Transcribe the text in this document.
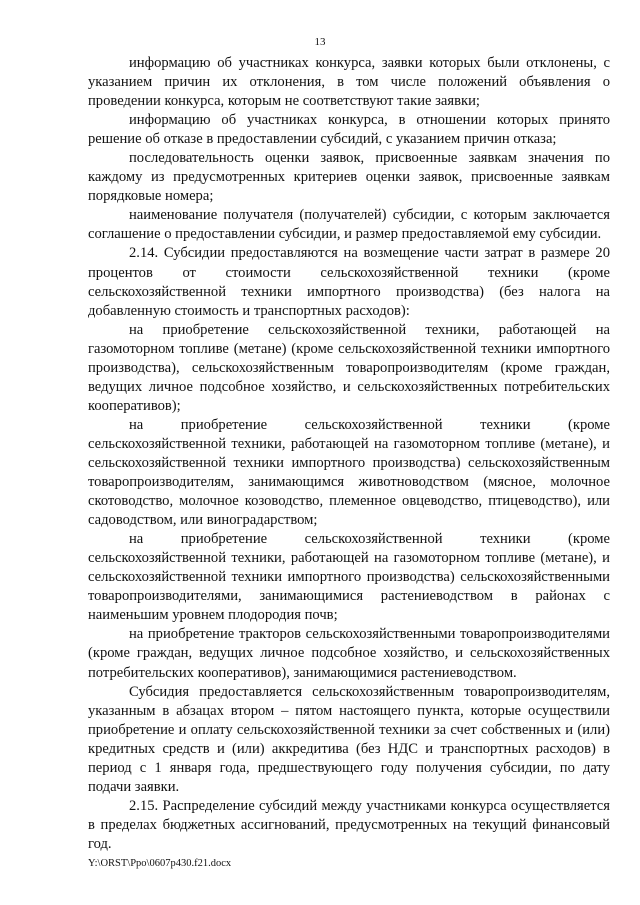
13

информацию об участниках конкурса, заявки которых были отклонены, с указанием причин их отклонения, в том числе положений объявления о проведении конкурса, которым не соответствуют такие заявки;

информацию об участниках конкурса, в отношении которых принято решение об отказе в предоставлении субсидий, с указанием причин отказа;

последовательность оценки заявок, присвоенные заявкам значения по каждому из предусмотренных критериев оценки заявок, присвоенные заявкам порядковые номера;

наименование получателя (получателей) субсидии, с которым заключается соглашение о предоставлении субсидии, и размер предоставляемой ему субсидии.

2.14. Субсидии предоставляются на возмещение части затрат в размере 20 процентов от стоимости сельскохозяйственной техники (кроме сельскохозяйственной техники импортного производства) (без налога на добавленную стоимость и транспортных расходов):

на приобретение сельскохозяйственной техники, работающей на газомоторном топливе (метане) (кроме сельскохозяйственной техники импортного производства), сельскохозяйственным товаропроизводителям (кроме граждан, ведущих личное подсобное хозяйство, и сельскохозяйственных потребительских кооперативов);

на приобретение сельскохозяйственной техники (кроме сельскохозяйственной техники, работающей на газомоторном топливе (метане), и сельскохозяйственной техники импортного производства) сельскохозяйственным товаропроизводителям, занимающимся животноводством (мясное, молочное скотоводство, молочное козоводство, племенное овцеводство, птицеводство), или садоводством, или виноградарством;

на приобретение сельскохозяйственной техники (кроме сельскохозяйственной техники, работающей на газомоторном топливе (метане), и сельскохозяйственной техники импортного производства) сельскохозяйственными товаропроизводителями, занимающимися растениеводством в районах с наименьшим уровнем плодородия почв;

на приобретение тракторов сельскохозяйственными товаропроизводителями (кроме граждан, ведущих личное подсобное хозяйство, и сельскохозяйственных потребительских кооперативов), занимающимися растениеводством.

Субсидия предоставляется сельскохозяйственным товаропроизводителям, указанным в абзацах втором – пятом настоящего пункта, которые осуществили приобретение и оплату сельскохозяйственной техники за счет собственных и (или) кредитных средств и (или) аккредитива (без НДС и транспортных расходов) в период с 1 января года, предшествующего году получения субсидии, по дату подачи заявки.

2.15. Распределение субсидий между участниками конкурса осуществляется в пределах бюджетных ассигнований, предусмотренных на текущий финансовый год.

Y:\ORST\Ppo\0607p430.f21.docx
